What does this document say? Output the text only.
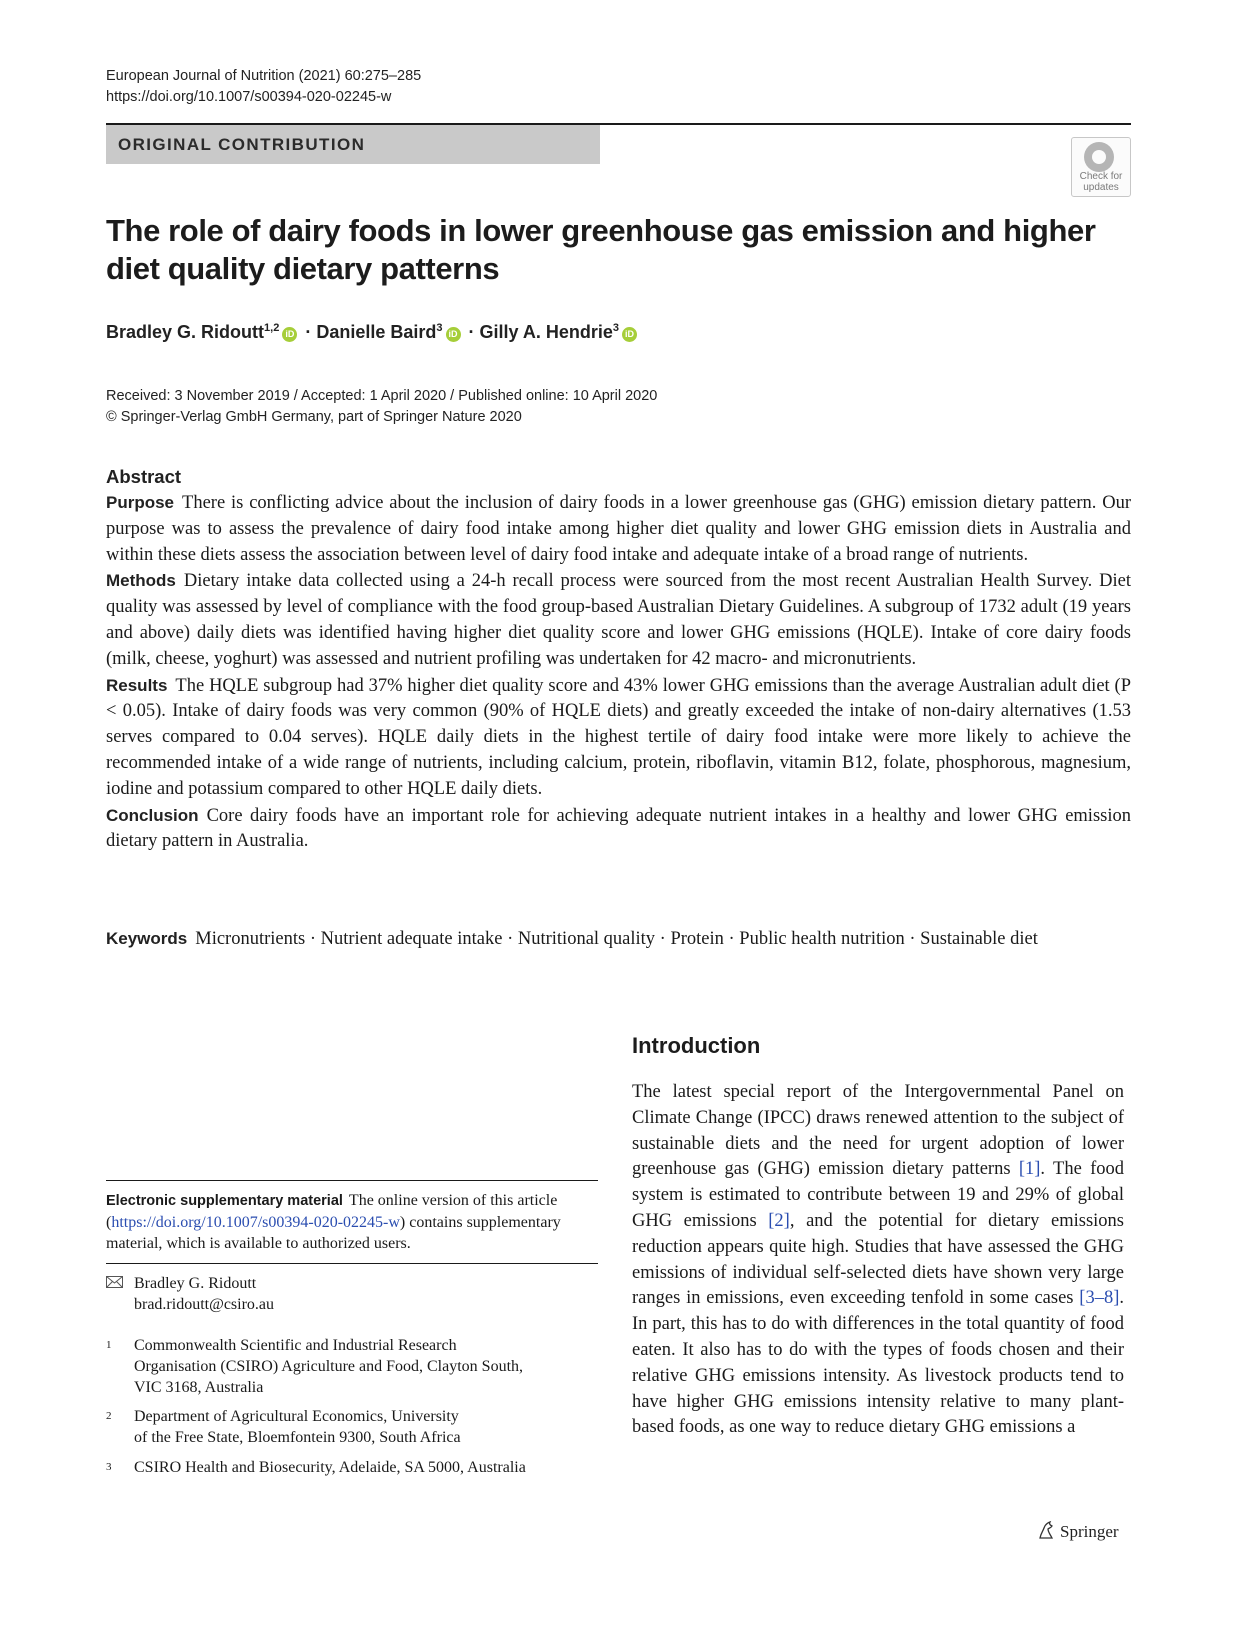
European Journal of Nutrition (2021) 60:275–285
https://doi.org/10.1007/s00394-020-02245-w
ORIGINAL CONTRIBUTION
Check for
updates
The role of dairy foods in lower greenhouse gas emission and higher
diet quality dietary patterns
Bradley G. Ridoutt$^{1,2}$ iD · Danielle Baird$^3$ iD · Gilly A. Hendrie$^3$ iD
Received: 3 November 2019 / Accepted: 1 April 2020 / Published online: 10 April 2020
© Springer-Verlag GmbH Germany, part of Springer Nature 2020
Abstract

Purpose There is conflicting advice about the inclusion of dairy foods in a lower greenhouse gas (GHG) emission dietary pattern. Our purpose was to assess the prevalence of dairy food intake among higher diet quality and lower GHG emission diets in Australia and within these diets assess the association between level of dairy food intake and adequate intake of a broad range of nutrients.

Methods Dietary intake data collected using a 24-h recall process were sourced from the most recent Australian Health Survey. Diet quality was assessed by level of compliance with the food group-based Australian Dietary Guidelines. A subgroup of 1732 adult (19 years and above) daily diets was identified having higher diet quality score and lower GHG emissions (HQLE). Intake of core dairy foods (milk, cheese, yoghurt) was assessed and nutrient profiling was undertaken for 42 macro- and micronutrients.

Results The HQLE subgroup had 37% higher diet quality score and 43% lower GHG emissions than the average Australian adult diet (P < 0.05). Intake of dairy foods was very common (90% of HQLE diets) and greatly exceeded the intake of non-dairy alternatives (1.53 serves compared to 0.04 serves). HQLE daily diets in the highest tertile of dairy food intake were more likely to achieve the recommended intake of a wide range of nutrients, including calcium, protein, riboflavin, vitamin B12, folate, phosphorous, magnesium, iodine and potassium compared to other HQLE daily diets.

Conclusion Core dairy foods have an important role for achieving adequate nutrient intakes in a healthy and lower GHG emission dietary pattern in Australia.

Keywords Micronutrients · Nutrient adequate intake · Nutritional quality · Protein · Public health nutrition · Sustainable diet
Introduction
The latest special report of the Intergovernmental Panel on Climate Change (IPCC) draws renewed attention to the subject of sustainable diets and the need for urgent adoption of lower greenhouse gas (GHG) emission dietary patterns [1]. The food system is estimated to contribute between 19 and 29% of global GHG emissions [2], and the potential for dietary emissions reduction appears quite high. Studies that have assessed the GHG emissions of individual self-selected diets have shown very large ranges in emissions, even exceeding tenfold in some cases [3–8]. In part, this has to do with differences in the total quantity of food eaten. It also has to do with the types of foods chosen and their relative GHG emissions intensity. As livestock products tend to have higher GHG emissions intensity relative to many plant-based foods, as one way to reduce dietary GHG emissions a
Electronic supplementary material The online version of this article (https://doi.org/10.1007/s00394-020-02245-w) contains supplementary material, which is available to authorized users.
Bradley G. Ridoutt
brad.ridoutt@csiro.au
1 Commonwealth Scientific and Industrial Research
Organisation (CSIRO) Agriculture and Food, Clayton South,
VIC 3168, Australia
2 Department of Agricultural Economics, University
of the Free State, Bloemfontein 9300, South Africa
3 CSIRO Health and Biosecurity, Adelaide, SA 5000, Australia
Springer
